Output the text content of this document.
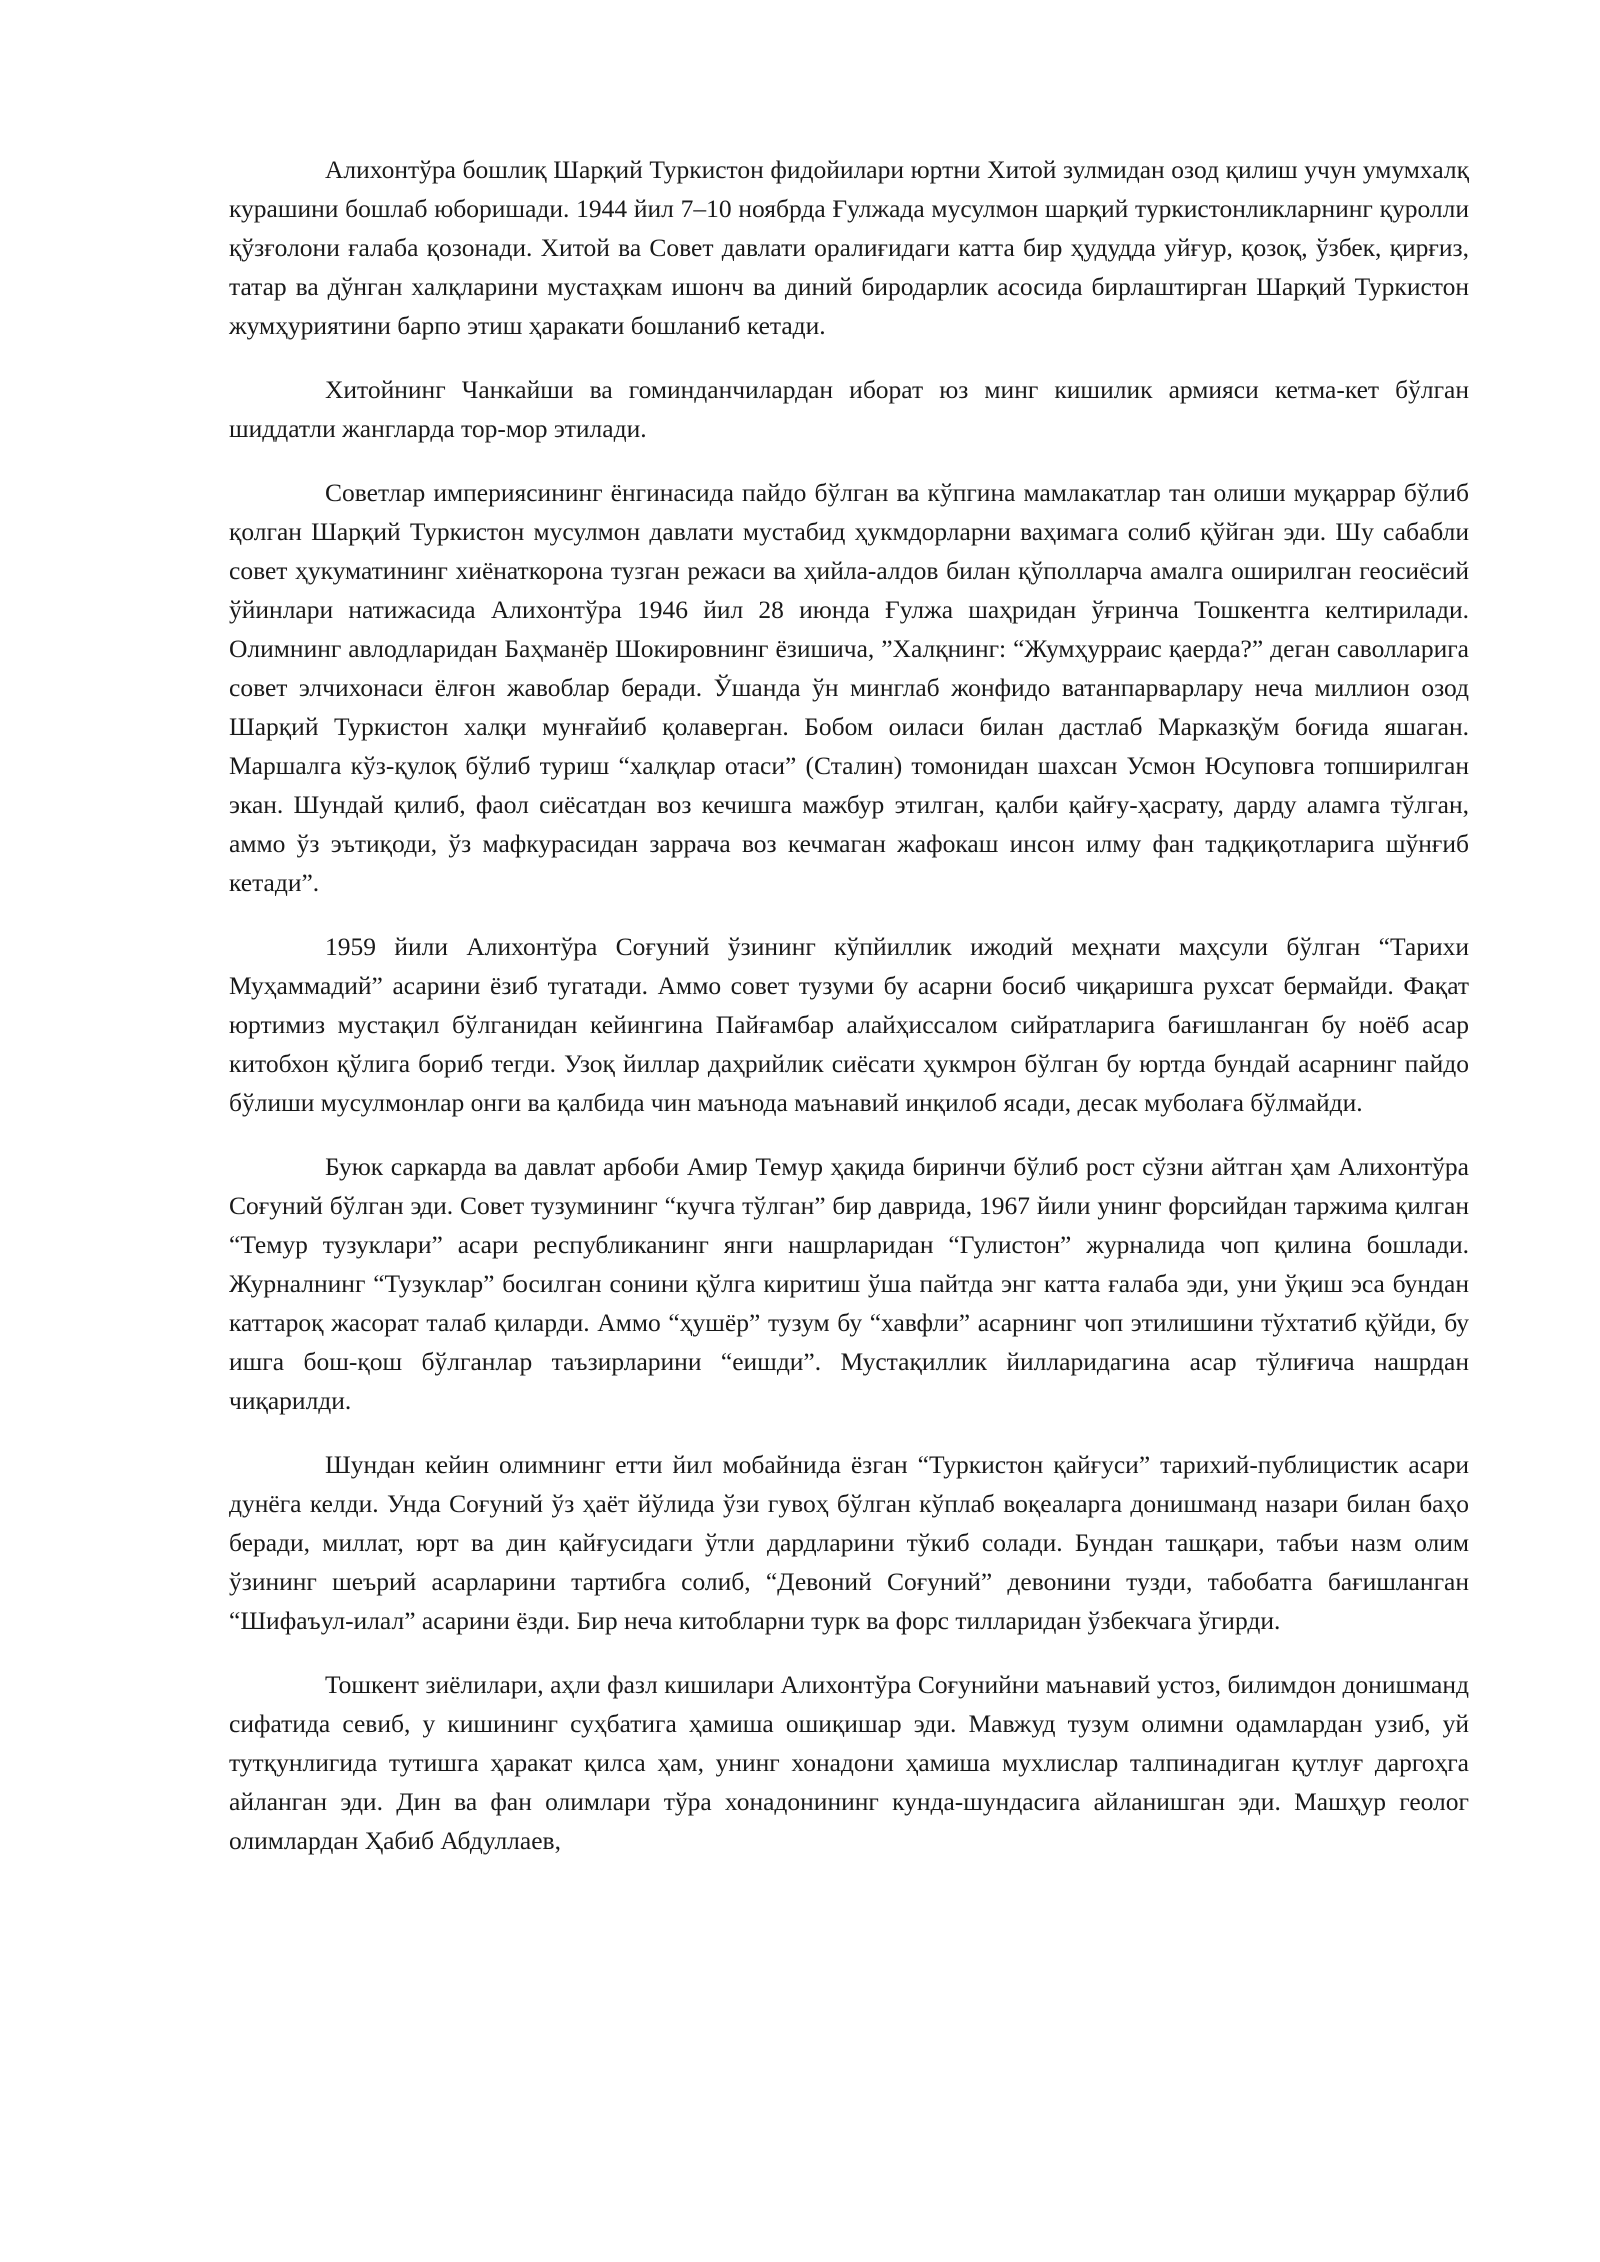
Алихонтўра бошлиқ Шарқий Туркистон фидойилари юртни Хитой зулмидан озод қилиш учун умумхалқ курашини бошлаб юборишади. 1944 йил 7–10 ноябрда Ғулжада мусулмон шарқий туркистонликларнинг қуролли қўзғолони ғалаба қозонади. Хитой ва Совет давлати оралиғидаги катта бир ҳудудда уйғур, қозоқ, ўзбек, қирғиз, татар ва дўнган халқларини мустаҳкам ишонч ва диний биродарлик асосида бирлаштирган Шарқий Туркистон жумҳуриятини барпо этиш ҳаракати бошланиб кетади.

Хитойнинг Чанкайши ва гоминданчилардан иборат юз минг кишилик армияси кетма-кет бўлган шиддатли жангларда тор-мор этилади.

Советлар империясининг ёнгинасида пайдо бўлган ва кўпгина мамлакатлар тан олиши муқаррар бўлиб қолган Шарқий Туркистон мусулмон давлати мустабид ҳукмдорларни ваҳимага солиб қўйган эди. Шу сабабли совет ҳукуматининг хиёнаткорона тузган режаси ва ҳийла-алдов билан қўполларча амалга оширилган геосиёсий ўйинлари натижасида Алихонтўра 1946 йил 28 июнда Ғулжа шаҳридан ўғринча Тошкентга келтирилади. Олимнинг авлодларидан Баҳманёр Шокировнинг ёзишича, ”Халқнинг: “Жумҳурраис қаерда?” деган саволларига совет элчихонаси ёлғон жавоблар беради. Ўшанда ўн минглаб жонфидо ватанпарварлару неча миллион озод Шарқий Туркистон халқи мунғайиб қолаверган. Бобом оиласи билан дастлаб Марказқўм боғида яшаган. Маршалга кўз-қулоқ бўлиб туриш “халқлар отаси” (Сталин) томонидан шахсан Усмон Юсуповга топширилган экан. Шундай қилиб, фаол сиёсатдан воз кечишга мажбур этилган, қалби қайғу-ҳасрату, дарду аламга тўлган, аммо ўз эътиқоди, ўз мафкурасидан заррача воз кечмаган жафокаш инсон илму фан тадқиқотларига шўнғиб кетади”.

1959 йили Алихонтўра Соғуний ўзининг кўпйиллик ижодий меҳнати маҳсули бўлган “Тарихи Муҳаммадий” асарини ёзиб тугатади. Аммо совет тузуми бу асарни босиб чиқаришга рухсат бермайди. Фақат юртимиз мустақил бўлганидан кейингина Пайғамбар алайҳиссалом сийратларига бағишланган бу ноёб асар китобхон қўлига бориб тегди. Узоқ йиллар даҳрийлик сиёсати ҳукмрон бўлган бу юртда бундай асарнинг пайдо бўлиши мусулмонлар онги ва қалбида чин маънода маънавий инқилоб ясади, десак муболаға бўлмайди.

Буюк саркарда ва давлат арбоби Амир Темур ҳақида биринчи бўлиб рост сўзни айтган ҳам Алихонтўра Соғуний бўлган эди. Совет тузумининг “кучга тўлган” бир даврида, 1967 йили унинг форсийдан таржима қилган “Темур тузуклари” асари республиканинг янги нашрларидан “Гулистон” журналида чоп қилина бошлади. Журналнинг “Тузуклар” босилган сонини қўлга киритиш ўша пайтда энг катта ғалаба эди, уни ўқиш эса бундан каттароқ жасорат талаб қиларди. Аммо “ҳушёр” тузум бу “хавфли” асарнинг чоп этилишини тўхтатиб қўйди, бу ишга бош-қош бўлганлар таъзирларини “еишди”. Мустақиллик йилларидагина асар тўлиғича нашрдан чиқарилди.

Шундан кейин олимнинг етти йил мобайнида ёзган “Туркистон қайғуси” тарихий-публицистик асари дунёга келди. Унда Соғуний ўз ҳаёт йўлида ўзи гувоҳ бўлган кўплаб воқеаларга донишманд назари билан баҳо беради, миллат, юрт ва дин қайғусидаги ўтли дардларини тўкиб солади. Бундан ташқари, табъи назм олим ўзининг шеърий асарларини тартибга солиб, “Девоний Соғуний” девонини тузди, табобатга бағишланган “Шифаъул-илал” асарини ёзди. Бир неча китобларни турк ва форс тилларидан ўзбекчага ўгирди.

Тошкент зиёлилари, аҳли фазл кишилари Алихонтўра Соғунийни маънавий устоз, билимдон донишманд сифатида севиб, у кишининг суҳбатига ҳамиша ошиқишар эди. Мавжуд тузум олимни одамлардан узиб, уй тутқунлигида тутишга ҳаракат қилса ҳам, унинг хонадони ҳамиша мухлислар талпинадиган қутлуғ даргоҳга айланган эди. Дин ва фан олимлари тўра хонадонининг кунда-шундасига айланишган эди. Машҳур геолог олимлардан Ҳабиб Абдуллаев,
